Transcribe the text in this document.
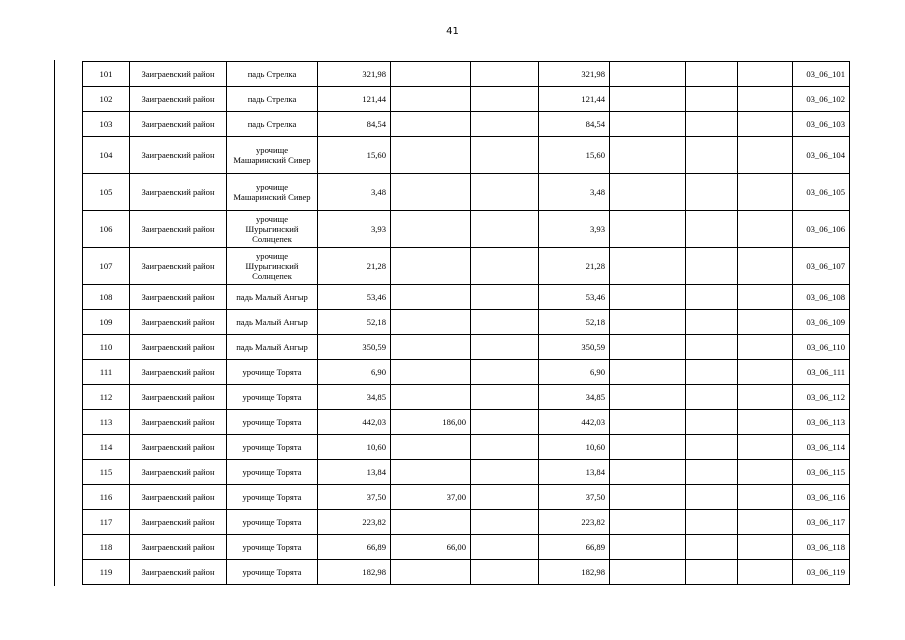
41
101	Заиграевский район	падь Стрелка	321,98			321,98				03_06_101
102	Заиграевский район	падь Стрелка	121,44			121,44				03_06_102
103	Заиграевский район	падь Стрелка	84,54			84,54				03_06_103
104	Заиграевский район	урочище Машаринский Сивер	15,60			15,60				03_06_104
105	Заиграевский район	урочище Машаринский Сивер	3,48			3,48				03_06_105
106	Заиграевский район	урочище Шурыгинский Солнцепек	3,93			3,93				03_06_106
107	Заиграевский район	урочище Шурыгинский Солнцепек	21,28			21,28				03_06_107
108	Заиграевский район	падь Малый Ангыр	53,46			53,46				03_06_108
109	Заиграевский район	падь Малый Ангыр	52,18			52,18				03_06_109
110	Заиграевский район	падь Малый Ангыр	350,59			350,59				03_06_110
111	Заиграевский район	урочище Торята	6,90			6,90				03_06_111
112	Заиграевский район	урочище Торята	34,85			34,85				03_06_112
113	Заиграевский район	урочище Торята	442,03	186,00		442,03				03_06_113
114	Заиграевский район	урочище Торята	10,60			10,60				03_06_114
115	Заиграевский район	урочище Торята	13,84			13,84				03_06_115
116	Заиграевский район	урочище Торята	37,50	37,00		37,50				03_06_116
117	Заиграевский район	урочище Торята	223,82			223,82				03_06_117
118	Заиграевский район	урочище Торята	66,89	66,00		66,89				03_06_118
119	Заиграевский район	урочище Торята	182,98			182,98				03_06_119
